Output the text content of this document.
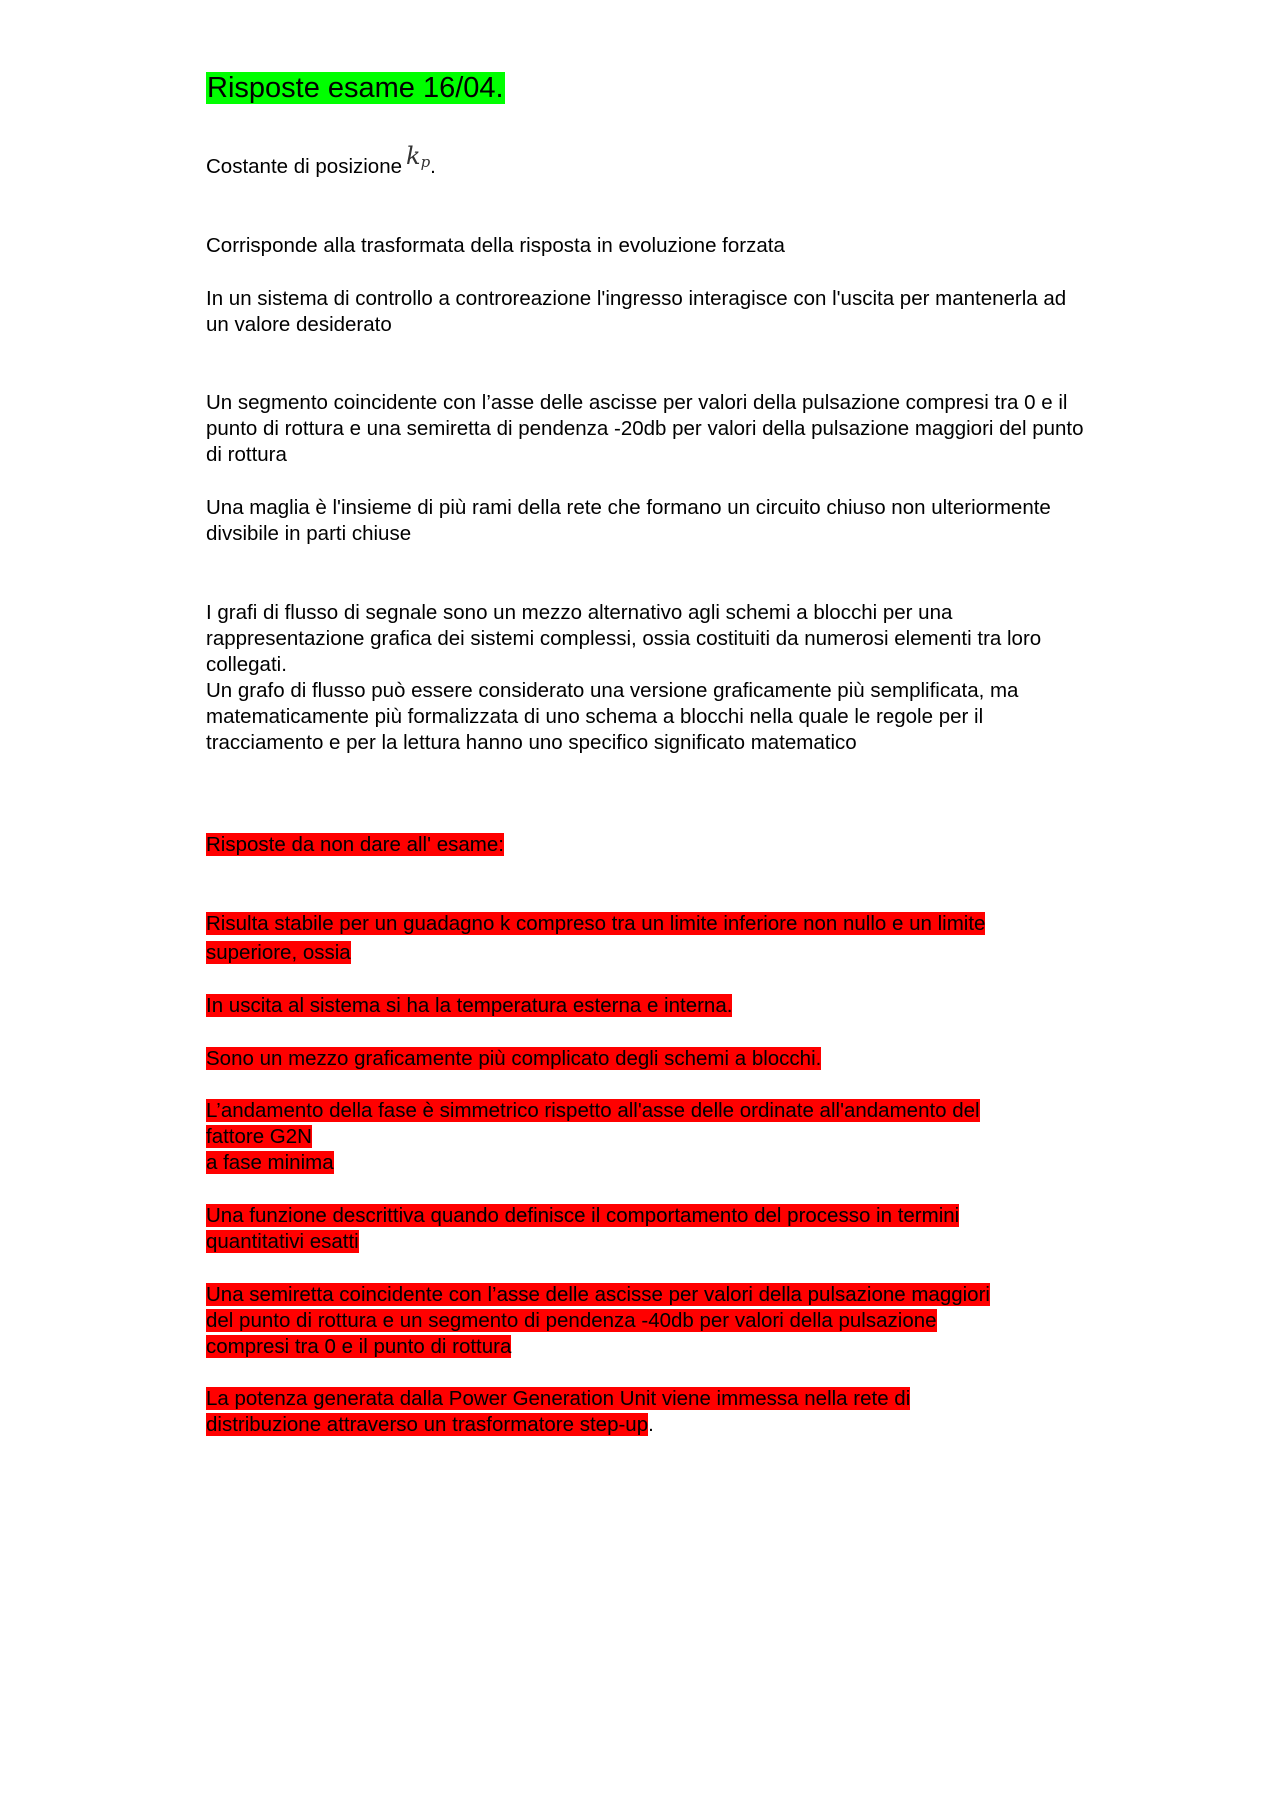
Risposte esame 16/04.

Costante di posizione $k_p$.

Corrisponde alla trasformata della risposta in evoluzione forzata

In un sistema di controllo a controreazione l'ingresso interagisce con l'uscita per mantenerla ad un valore desiderato

Un segmento coincidente con l’asse delle ascisse per valori della pulsazione compresi tra 0 e il punto di rottura e una semiretta di pendenza -20db per valori della pulsazione maggiori del punto di rottura

Una maglia è l'insieme di più rami della rete che formano un circuito chiuso non ulteriormente divsibile in parti chiuse

I grafi di flusso di segnale sono un mezzo alternativo agli schemi a blocchi per una rappresentazione grafica dei sistemi complessi, ossia costituiti da numerosi elementi tra loro collegati.

Un grafo di flusso può essere considerato una versione graficamente più semplificata, ma matematicamente più formalizzata di uno schema a blocchi nella quale le regole per il tracciamento e per la lettura hanno uno specifico significato matematico

Risposte da non dare all' esame:
Risulta stabile per un guadagno k compreso tra un limite inferiore non nullo e un limite
superiore, ossia
In uscita al sistema si ha la temperatura esterna e interna.
Sono un mezzo graficamente più complicato degli schemi a blocchi.
L’andamento della fase è simmetrico rispetto all'asse delle ordinate all'andamento del
fattore G2N
a fase minima
Una funzione descrittiva quando definisce il comportamento del processo in termini
quantitativi esatti
Una semiretta coincidente con l’asse delle ascisse per valori della pulsazione maggiori
del punto di rottura e un segmento di pendenza -40db per valori della pulsazione
compresi tra 0 e il punto di rottura
La potenza generata dalla Power Generation Unit viene immessa nella rete di
distribuzione attraverso un trasformatore step-up.
